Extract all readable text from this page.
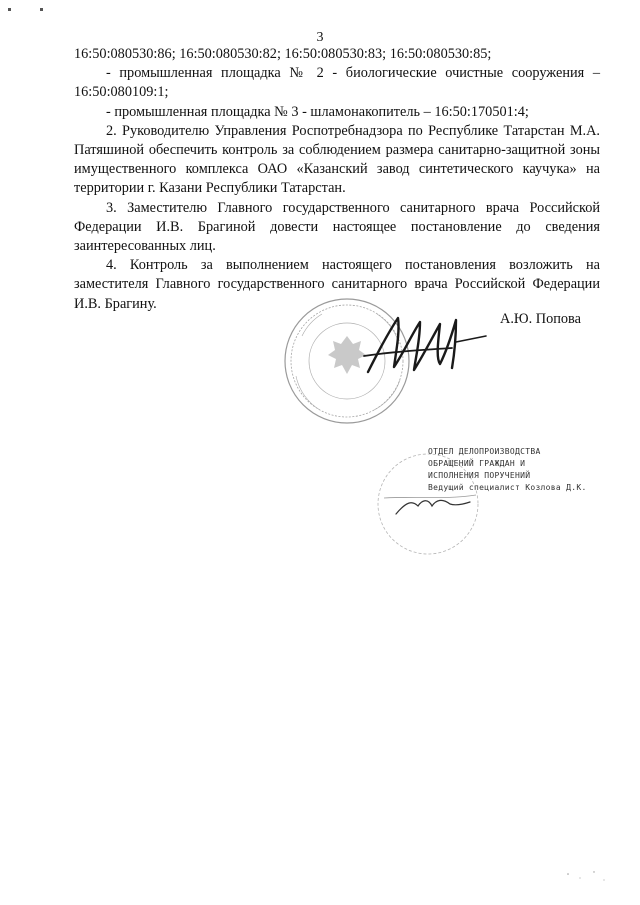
3

16:50:080530:86; 16:50:080530:82; 16:50:080530:83; 16:50:080530:85;

- промышленная площадка № 2 - биологические очистные сооружения – 16:50:080109:1;

- промышленная площадка № 3 - шламонакопитель – 16:50:170501:4;

2. Руководителю Управления Роспотребнадзора по Республике Татарстан М.А. Патяшиной обеспечить контроль за соблюдением размера санитарно-защитной зоны имущественного комплекса ОАО «Казанский завод синтетического каучука» на территории г. Казани Республики Татарстан.

3. Заместителю Главного государственного санитарного врача Российской Федерации И.В. Брагиной довести настоящее постановление до сведения заинтересованных лиц.

4. Контроль за выполнением настоящего постановления возложить на заместителя Главного государственного санитарного врача Российской Федерации И.В. Брагину.

А.Ю. Попова
ОТДЕЛ ДЕЛОПРОИЗВОДСТВА
ОБРАЩЕНИЙ ГРАЖДАН И
ИСПОЛНЕНИЯ ПОРУЧЕНИЙ
Ведущий специалист Козлова Д.К.
